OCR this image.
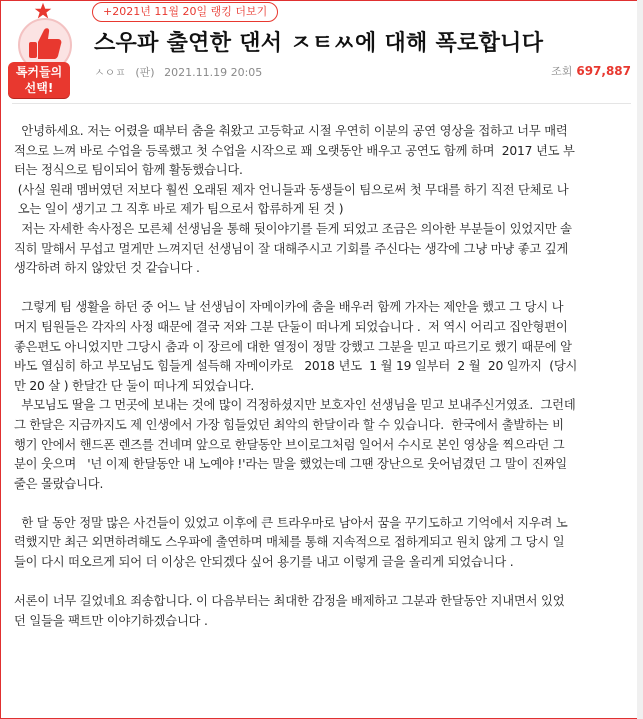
톡커들의
선택!
+2021년 11월 20일 랭킹 더보기
스우파 출연한 댄서 ㅈㅌㅆ에 대해 폭로합니다
ㅅㅇㅍ (판) 2021.11.19 20:05	조회 697,887

안녕하세요. 저는 어렸을 때부터 춤을 춰왔고 고등학교 시절 우연히 이분의 공연 영상을 접하고 너무 매력

적으로 느껴 바로 수업을 등록했고 첫 수업을 시작으로 꽤 오랫동안 배우고 공연도 함께 하며  2017 년도 부

터는 정식으로 팀이되어 함께 활동했습니다.

(사실 원래 멤버였던 저보다 훨씬 오래된 제자 언니들과 동생들이 팀으로써 첫 무대를 하기 직전 단체로 나

오는 일이 생기고 그 직후 바로 제가 팀으로서 합류하게 된 것 )

저는 자세한 속사정은 모른체 선생님을 통해 뒷이야기를 듣게 되었고 조금은 의아한 부분들이 있었지만 솔

직히 말해서 무섭고 멀게만 느껴지던 선생님이 잘 대해주시고 기회를 주신다는 생각에 그냥 마냥 좋고 깊게

생각하려 하지 않았던 것 같습니다 .

그렇게 팀 생활을 하던 중 어느 날 선생님이 자메이카에 춤을 배우러 함께 가자는 제안을 했고 그 당시 나

머지 팀원들은 각자의 사정 때문에 결국 저와 그분 단둘이 떠나게 되었습니다 .  저 역시 어리고 집안형편이

좋은편도 아니었지만 그당시 춤과 이 장르에 대한 열정이 정말 강했고 그분을 믿고 따르기로 했기 때문에 알

바도 열심히 하고 부모님도 힘들게 설득해 자메이카로   2018 년도  1 월 19 일부터  2 월  20 일까지  (당시

만 20 살 ) 한달간 단 둘이 떠나게 되었습니다.

부모님도 딸을 그 먼곳에 보내는 것에 많이 걱정하셨지만 보호자인 선생님을 믿고 보내주신거였죠.  그런데

그 한달은 지금까지도 제 인생에서 가장 힘들었던 최악의 한달이라 할 수 있습니다.  한국에서 출발하는 비

행기 안에서 핸드폰 렌즈를 건네며 앞으로 한달동안 브이로그처럼 일어서 수시로 본인 영상을 찍으라던 그

분이 웃으며   '넌 이제 한달동안 내 노예야 !'라는 말을 했었는데 그땐 장난으로 웃어넘겼던 그 말이 진짜일

줄은 몰랐습니다.

한 달 동안 정말 많은 사건들이 있었고 이후에 큰 트라우마로 남아서 꿈을 꾸기도하고 기억에서 지우려 노

력했지만 최근 외면하려해도 스우파에 출연하며 매체를 통해 지속적으로 접하게되고 원치 않게 그 당시 일

들이 다시 떠오르게 되어 더 이상은 안되겠다 싶어 용기를 내고 이렇게 글을 올리게 되었습니다 .

서론이 너무 길었네요 죄송합니다. 이 다음부터는 최대한 감정을 배제하고 그분과 한달동안 지내면서 있었

던 일들을 팩트만 이야기하겠습니다 .
